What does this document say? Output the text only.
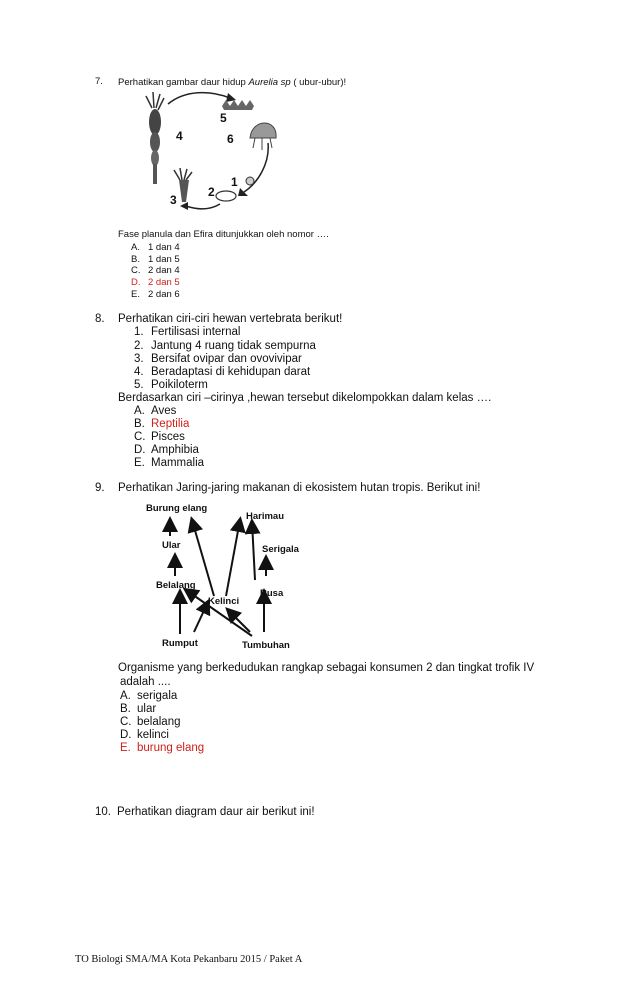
7. Perhatikan gambar daur hidup Aurelia sp ( ubur-ubur)!
4
5
6
1
2
3
Fase planula dan Efira ditunjukkan oleh nomor ….
A. 1 dan 4
B. 1 dan 5
C. 2 dan 4
D. 2 dan 5
E. 2 dan 6
8. Perhatikan ciri-ciri hewan vertebrata berikut!
1. Fertilisasi internal
2. Jantung 4 ruang tidak sempurna
3. Bersifat ovipar dan ovovivipar
4. Beradaptasi di kehidupan darat
5. Poikiloterm
Berdasarkan ciri –cirinya ,hewan tersebut dikelompokkan dalam kelas ….
A. Aves
B. Reptilia
C. Pisces
D. Amphibia
E. Mammalia
9. Perhatikan Jaring-jaring makanan di ekosistem hutan tropis. Berikut ini!
Burung elang
Harimau
Ular	Serigala
Belalang
Kelinci
Rusa
Rumput	Tumbuhan
Organisme yang berkedudukan rangkap sebagai konsumen 2 dan tingkat trofik IV
adalah ....
A. serigala
B. ular
C. belalang
D. kelinci
E. burung elang
10. Perhatikan diagram daur air berikut ini!
TO Biologi SMA/MA Kota Pekanbaru 2015 / Paket A
